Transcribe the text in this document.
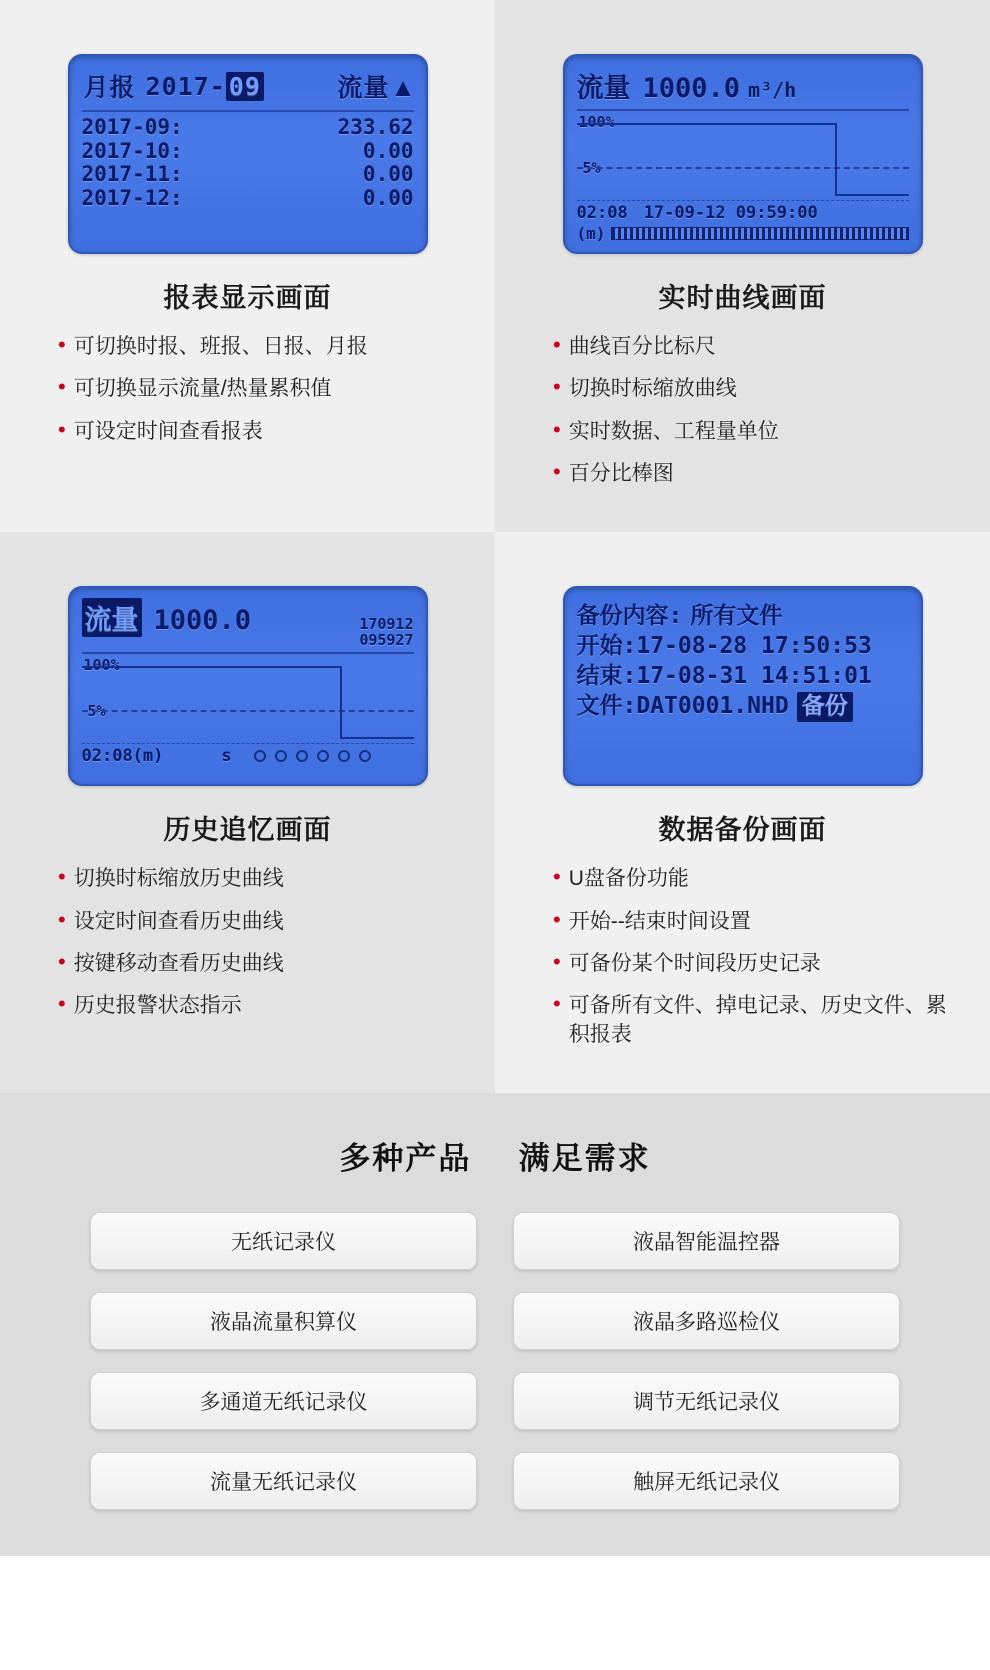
月报 2017- 09	流量 ▲
2017-09:	233.62
2017-10:	0.00
2017-11:	0.00
2017-12:	0.00
报表显示画面
• 可切换时报、班报、日报、月报
• 可切换显示流量/热量累积值
• 可设定时间查看报表
流量 1000.0 m³/h
100%
5%
02:08 17-09-12 09:59:00
(m)
实时曲线画面
• 曲线百分比标尺
• 切换时标缩放曲线
• 实时数据、工程量单位
• 百分比棒图
流量 1000.0	170912
095927
100%
5%
02:08(m)	s
历史追忆画面
• 切换时标缩放历史曲线
• 设定时间查看历史曲线
• 按键移动查看历史曲线
• 历史报警状态指示
备份内容: 所有文件
开始: 17-08-28 17:50:53
结束: 17-08-31 14:51:01
文件: DAT0001.NHD 备份
数据备份画面
• U盘备份功能
• 开始--结束时间设置
• 可备份某个时间段历史记录
• 可备所有文件、掉电记录、历史文件、累积报表
多种产品 满足需求
无纸记录仪	液晶智能温控器
液晶流量积算仪	液晶多路巡检仪
多通道无纸记录仪	调节无纸记录仪
流量无纸记录仪	触屏无纸记录仪
